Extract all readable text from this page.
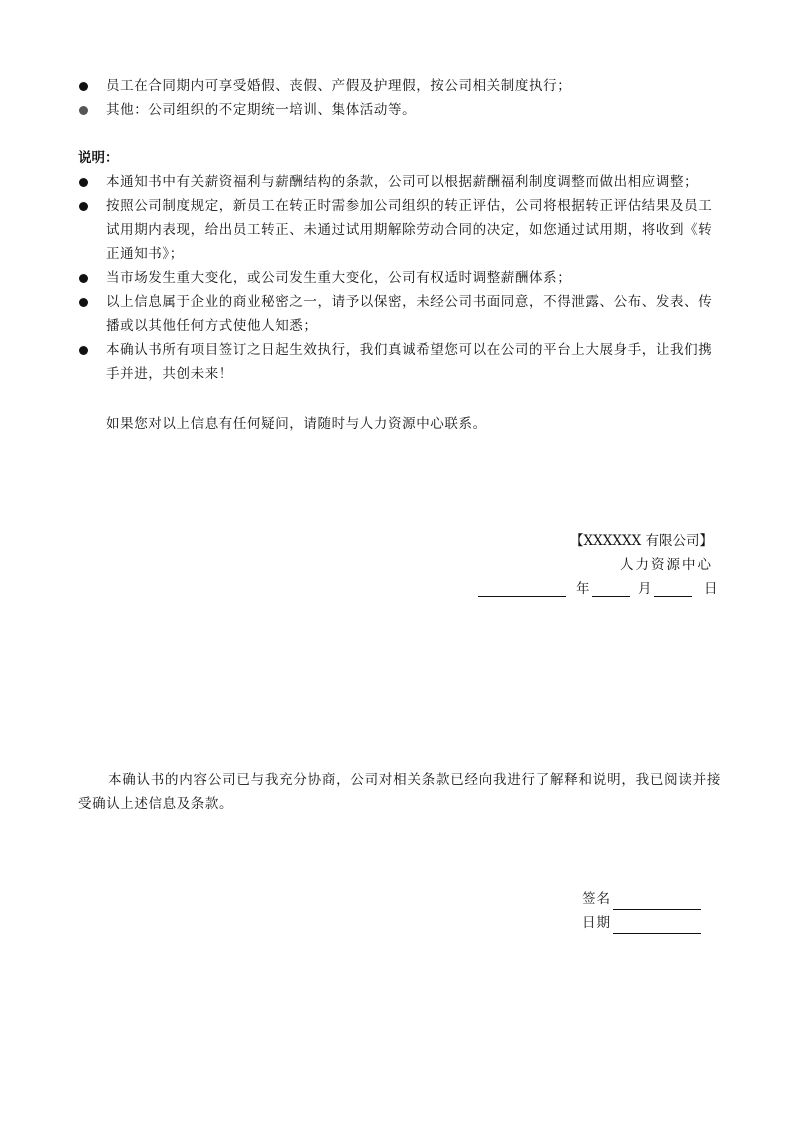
员工在合同期内可享受婚假、丧假、产假及护理假，按公司相关制度执行；
其他：公司组织的不定期统一培训、集体活动等。
说明：
本通知书中有关薪资福利与薪酬结构的条款，公司可以根据薪酬福利制度调整而做出相应调整；
按照公司制度规定，新员工在转正时需参加公司组织的转正评估，公司将根据转正评估结果及员工试用期内表现，给出员工转正、未通过试用期解除劳动合同的决定，如您通过试用期，将收到《转正通知书》；
当市场发生重大变化，或公司发生重大变化，公司有权适时调整薪酬体系；
以上信息属于企业的商业秘密之一，请予以保密，未经公司书面同意，不得泄露、公布、发表、传播或以其他任何方式使他人知悉；
本确认书所有项目签订之日起生效执行，我们真诚希望您可以在公司的平台上大展身手，让我们携手并进，共创未来！
如果您对以上信息有任何疑问，请随时与人力资源中心联系。
【XXXXXX 有限公司】
人力资源中心
年	月	日
本确认书的内容公司已与我充分协商，公司对相关条款已经向我进行了解释和说明，我已阅读并接受确认上述信息及条款。
签名
日期
